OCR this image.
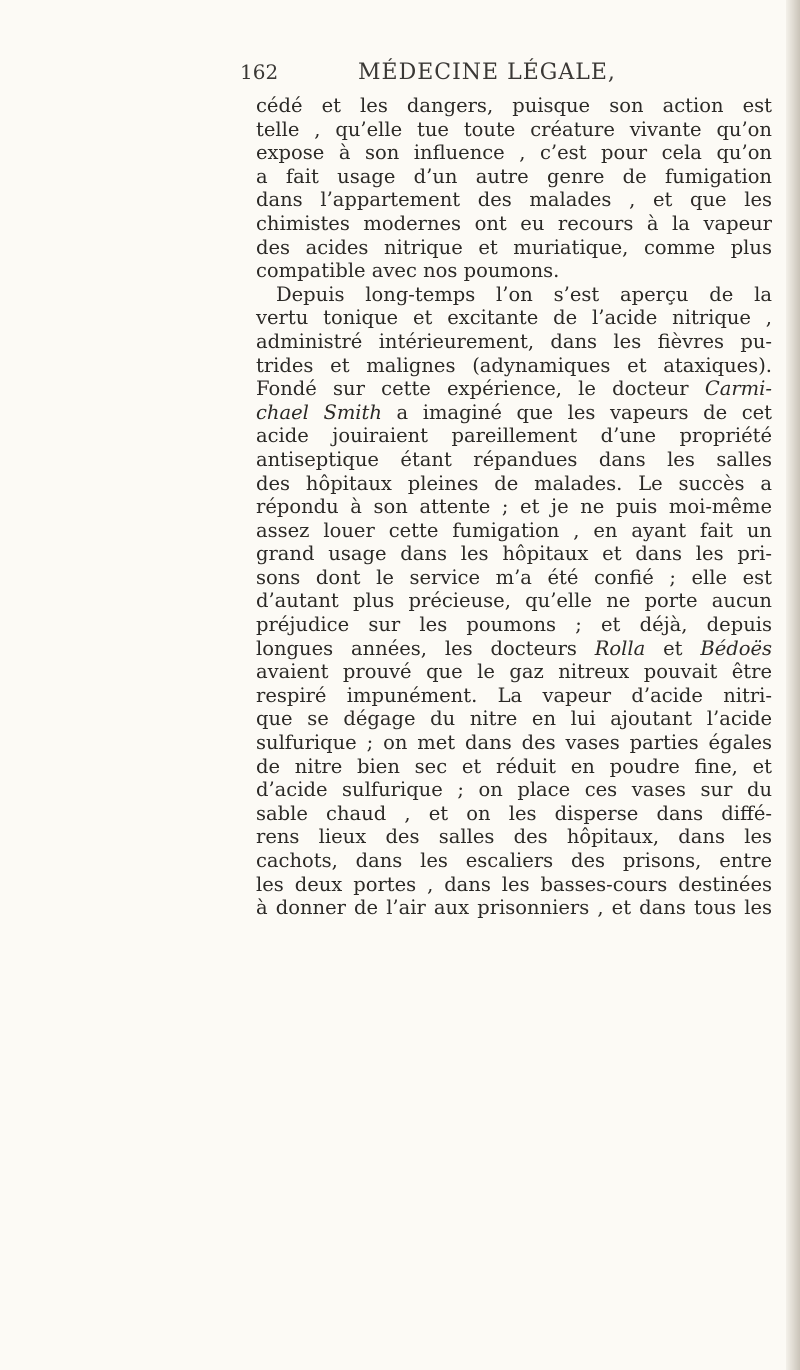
162	MÉDECINE LÉGALE,
cédé et les dangers, puisque son action est
telle , qu’elle tue toute créature vivante qu’on
expose à son influence , c’est pour cela qu’on
a fait usage d’un autre genre de fumigation
dans l’appartement des malades , et que les
chimistes modernes ont eu recours à la vapeur
des acides nitrique et muriatique, comme plus
compatible avec nos poumons.
Depuis long-temps l’on s’est aperçu de la
vertu tonique et excitante de l’acide nitrique ,
administré intérieurement, dans les fièvres pu-
trides et malignes (adynamiques et ataxiques).
Fondé sur cette expérience, le docteur Carmi-
chael Smith a imaginé que les vapeurs de cet
acide jouiraient pareillement d’une propriété
antiseptique étant répandues dans les salles
des hôpitaux pleines de malades. Le succès a
répondu à son attente ; et je ne puis moi-même
assez louer cette fumigation , en ayant fait un
grand usage dans les hôpitaux et dans les pri-
sons dont le service m’a été confié ; elle est
d’autant plus précieuse, qu’elle ne porte aucun
préjudice sur les poumons ; et déjà, depuis
longues années, les docteurs Rolla et Bédoës
avaient prouvé que le gaz nitreux pouvait être
respiré impunément. La vapeur d’acide nitri-
que se dégage du nitre en lui ajoutant l’acide
sulfurique ; on met dans des vases parties égales
de nitre bien sec et réduit en poudre fine, et
d’acide sulfurique ; on place ces vases sur du
sable chaud , et on les disperse dans diffé-
rens lieux des salles des hôpitaux, dans les
cachots, dans les escaliers des prisons, entre
les deux portes , dans les basses-cours destinées
à donner de l’air aux prisonniers , et dans tous les
